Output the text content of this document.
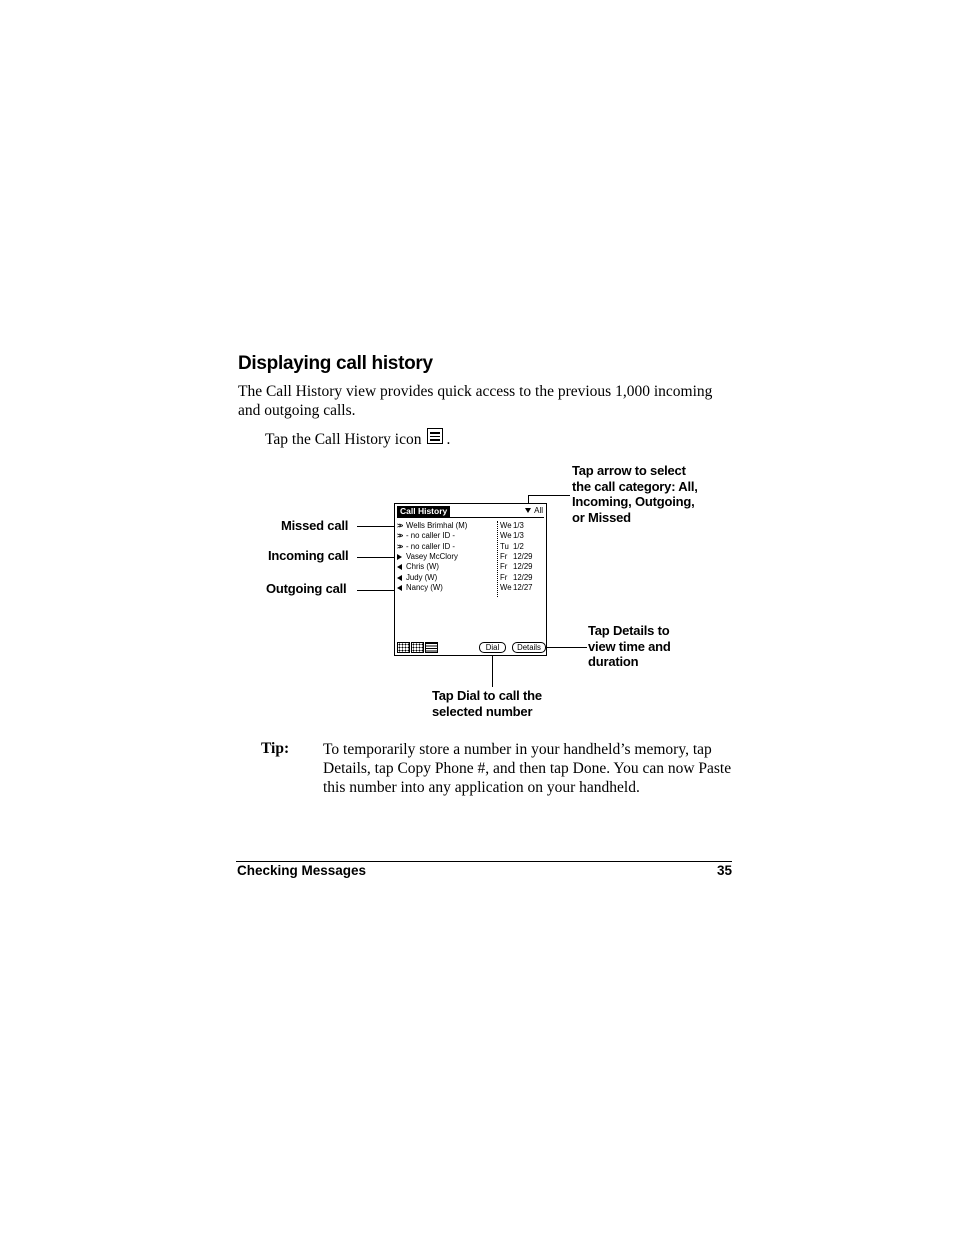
Displaying call history
The Call History view provides quick access to the previous 1,000 incoming and outgoing calls.
Tap the Call History icon .
Missed call
Incoming call
Outgoing call
Tap arrow to select
the call category: All,
Incoming, Outgoing,
or Missed
Tap Details to
view time and
duration
Tap Dial to call the
selected number
Call History	All
>> Wells Brimhal (M)	We 1/3
>> - no caller ID -	We 1/3
>> - no caller ID -	Tu 1/2
Vasey McClory	Fr 12/29
Chris (W)	Fr 12/29
Judy (W)	Fr 12/29
Nancy (W)	We 12/27
Dial	Details
Tip: To temporarily store a number in your handheld’s memory, tap Details, tap Copy Phone #, and then tap Done. You can now Paste this number into any application on your handheld.
Checking Messages	35
